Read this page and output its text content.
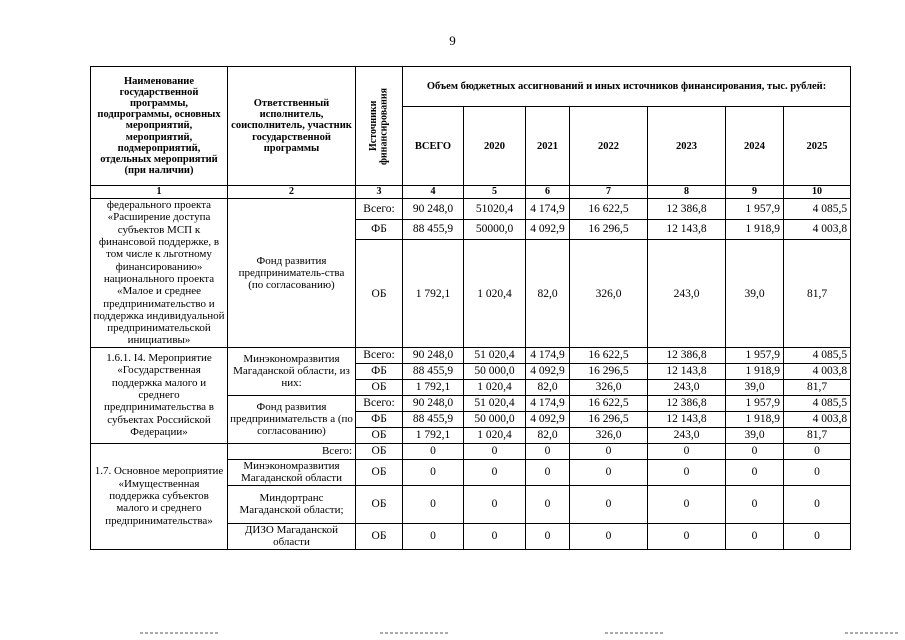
9
Наименование государственной программы, подпрограммы, основных мероприятий, мероприятий, подмероприятий, отдельных мероприятий (при наличии)	Ответственный исполнитель, соисполнитель, участник государственной программы	Источники финансирования	Объем бюджетных ассигнований и иных источников финансирования, тыс. рублей:						
			ВСЕГО	2020	2021	2022	2023	2024	2025
1	2	3	4	5	6	7	8	9	10
федерального проекта «Расширение доступа субъектов МСП к финансовой поддержке, в том числе к льготному финансированию» национального проекта «Малое и среднее предпринимательство и поддержка индивидуальной предпринимательской инициативы»	Фонд развития предприниматель-ства (по согласованию)	Всего:	90 248,0	51020,4	4 174,9	16 622,5	12 386,8	1 957,9	4 085,5
		ФБ	88 455,9	50000,0	4 092,9	16 296,5	12 143,8	1 918,9	4 003,8
		ОБ	1 792,1	1 020,4	82,0	326,0	243,0	39,0	81,7
1.6.1. I4. Мероприятие «Государственная поддержка малого и среднего предпринимательства в субъектах Российской Федерации»	Минэкономразвития Магаданской области, из них:	Всего:	90 248,0	51 020,4	4 174,9	16 622,5	12 386,8	1 957,9	4 085,5
		ФБ	88 455,9	50 000,0	4 092,9	16 296,5	12 143,8	1 918,9	4 003,8
		ОБ	1 792,1	1 020,4	82,0	326,0	243,0	39,0	81,7
	Фонд развития предпринимательств а (по согласованию)	Всего:	90 248,0	51 020,4	4 174,9	16 622,5	12 386,8	1 957,9	4 085,5
		ФБ	88 455,9	50 000,0	4 092,9	16 296,5	12 143,8	1 918,9	4 003,8
		ОБ	1 792,1	1 020,4	82,0	326,0	243,0	39,0	81,7
1.7. Основное мероприятие «Имущественная поддержка субъектов малого и среднего предпринимательства»	Всего:	ОБ	0	0	0	0	0	0	0
	Минэкономразвития Магаданской области	ОБ	0	0	0	0	0	0	0
	Миндортранс Магаданской области;	ОБ	0	0	0	0	0	0	0
	ДИЗО Магаданской области	ОБ	0	0	0	0	0	0	0
